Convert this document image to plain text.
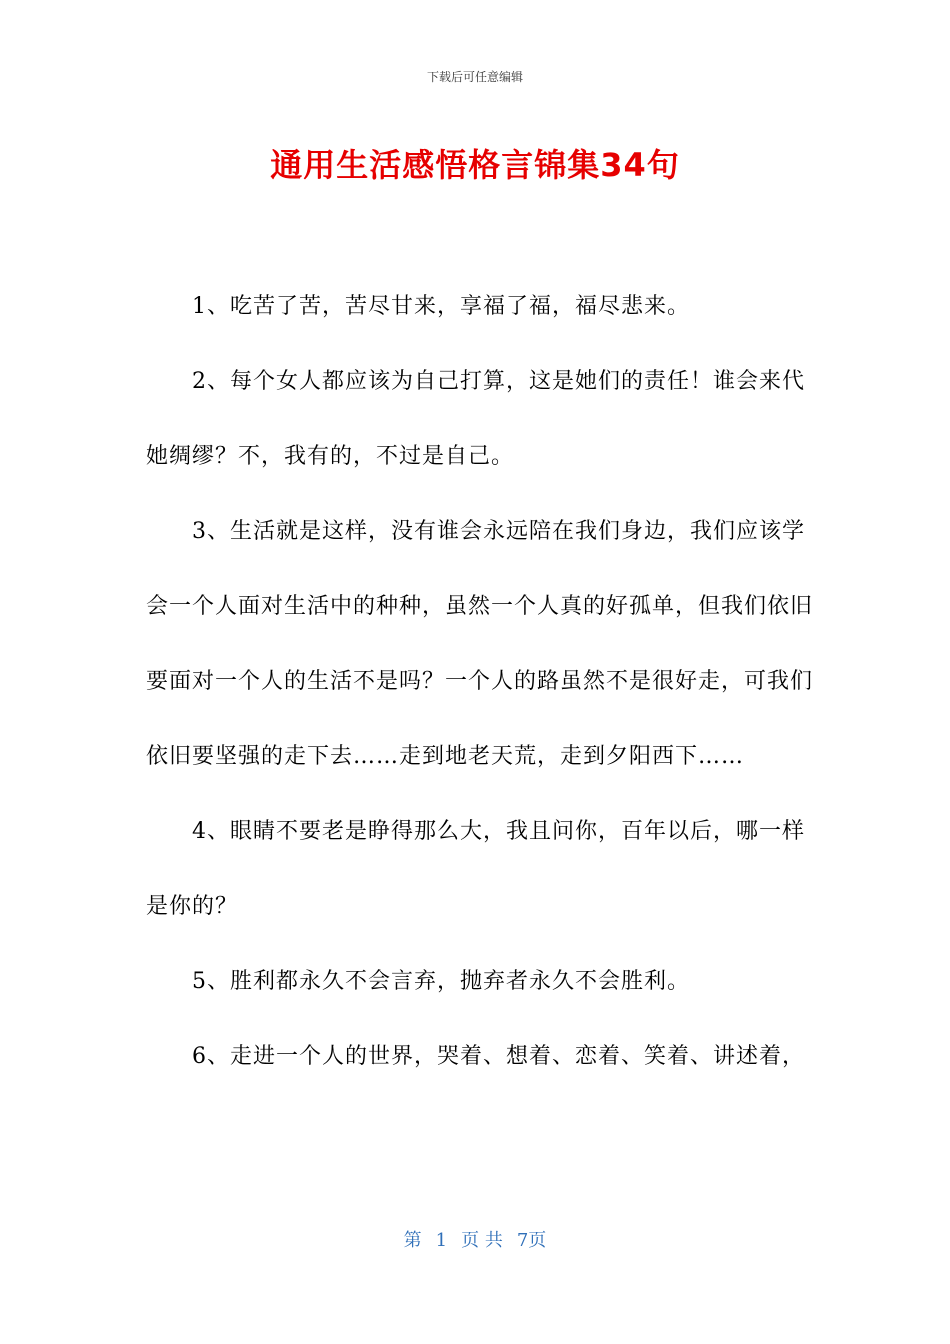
下载后可任意编辑
通用生活感悟格言锦集34句

1、吃苦了苦，苦尽甘来，享福了福，福尽悲来。

2、每个女人都应该为自己打算，这是她们的责任！谁会来代她绸缪？不，我有的，不过是自己。

3、生活就是这样，没有谁会永远陪在我们身边，我们应该学会一个人面对生活中的种种，虽然一个人真的好孤单，但我们依旧要面对一个人的生活不是吗？一个人的路虽然不是很好走，可我们依旧要坚强的走下去……走到地老天荒，走到夕阳西下……

4、眼睛不要老是睁得那么大，我且问你，百年以后，哪一样是你的？

5、胜利都永久不会言弃，抛弃者永久不会胜利。

6、走进一个人的世界，哭着、想着、恋着、笑着、讲述着，

第 1 页 共 7页
